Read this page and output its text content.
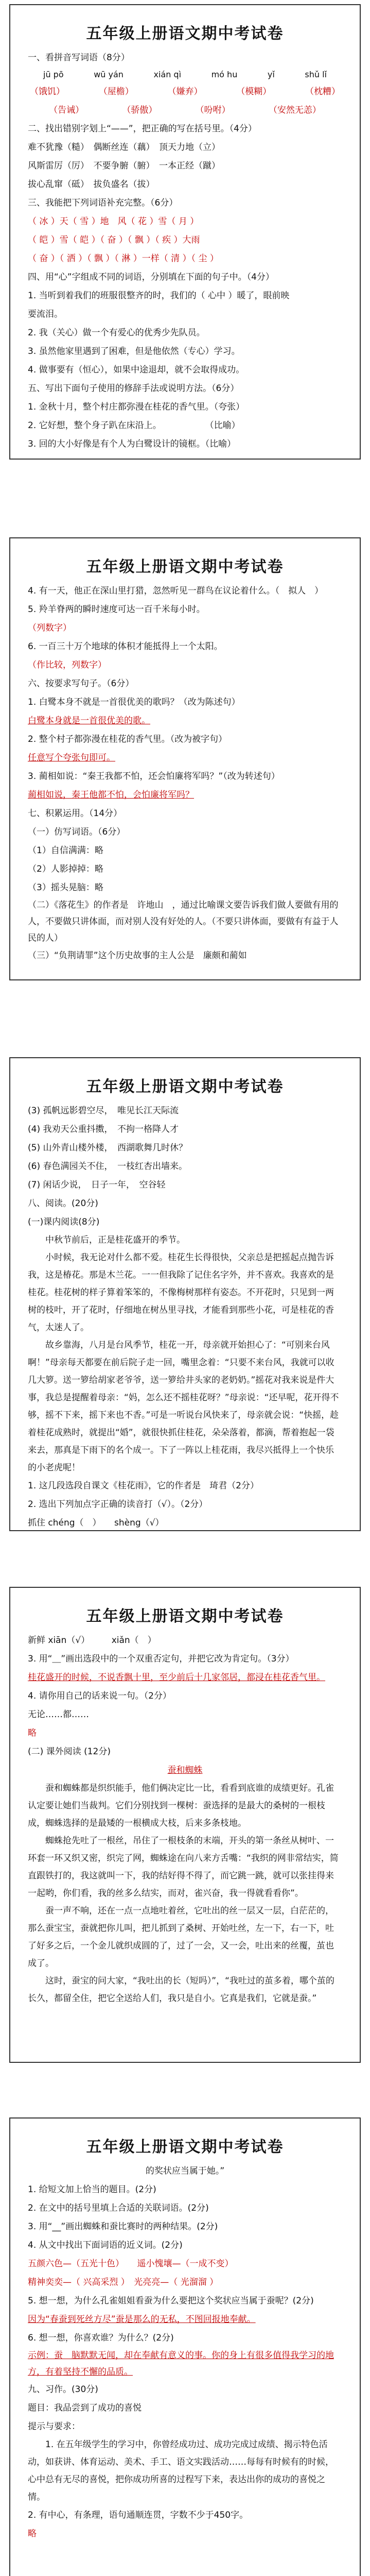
五年级上册语文期中考试卷
一、看拼音写词语（8分）
jū pō	wū yán	xián qì	mó hu	yǐ	shǔ lǐ
（饿饥）	（屋檐）	（嫌弃）	（模糊）	（枕糟）
（告诫）	（骄傲）	（吩咐）	（安然无恙）
二、找出错别字划上“——”，把正确的写在括号里。（4分）
难不犹豫（糙）　偶断丝连（藕）　顶天力地（立）
风斯雷厉（厉）　不要争腑（腑）　一本正经（蹴）
拔心乱窜（砥）　拔负盛名（拔）
三、我能把下列词语补充完整。（6分）
（ 冰 ）天（ 雪 ）地　风（ 花 ）雪（ 月 ）
（ 皑 ）雪（ 皑 ）（ 奋 ）（ 飘 ）（ 疾 ）大雨
（ 奋 ）（ 洒 ）（ 飘 ）（ 淋 ）一样（ 清 ）（ 尘 ）
四、用“心”字组成不同的词语，分别填在下面的句子中。（4分）
1. 当听到着我们的班服很整齐的时，我们的（ 心中 ）暖了，眼前映
要流泪。
2. 我（关心）做一个有爱心的优秀少先队员。
3. 虽然他家里遇到了困难，但是他依然（专心）学习。
4. 做事要有（恒心），如果中途退却，就不会取得成功。
五、写出下面句子使用的修辞手法或说明方法。（6分）
1. 金秋十月，整个村庄都弥漫在桂花的香气里。（夸张）
2. 它好想，整个身子趴在床沿上。　　　　　　（比喻）
3. 回的大小好像是有个人为白鹭设计的镜框。（比喻）
五年级上册语文期中考试卷
4. 有一天，他正在深山里打猎，忽然听见一群鸟在议论着什么。（　拟人　）
5. 羚羊脊两的瞬时速度可达一百千米每小时。
（列数字）
6. 一百三十万个地球的体积才能抵得上一个太阳。
（作比较，列数字）
六、按要求写句子。（6分）
1. 白鹭本身不就是一首很优美的歌吗？（改为陈述句）
白鹭本身就是一首很优美的歌。
2. 整个村子都弥漫在桂花的香气里。（改为被字句）
任意写个夸张句即可。
3. 蔺相如说：“秦王我都不怕，还会怕廉将军吗？”（改为转述句）
蔺相如说，秦王他都不怕，会怕廉将军吗？
七、积累运用。（14分）
（一）仿写词语。（6分）
（1）自信满满：略
（2）人影掉掉：略
（3）摇头晃脑：略
（二）《落花生》的作者是　许地山　，通过比喻课文要告诉我们做人要做有用的人，不要做只讲体面，而对别人没有好处的人。（不要只讲体面，要做有有益于人民的人）
（三）“负荆请罪”这个历史故事的主人公是　廉颇和蔺如
五年级上册语文期中考试卷
(3) 孤帆远影碧空尽，　唯见长江天际流
(4) 我劝天公重抖擞，　不拘一格降人才
(5) 山外青山楼外楼，　西湖歌舞几时休？
(6) 春色满园关不住，　一枝红杏出墙来。
(7) 闲话少说，　日子一年，　空谷轻
八、阅读。(20分)
(一)课内阅读(8分)
中秋节前后，正是桂花盛开的季节。
小时候，我无论对什么都不爱。桂花生长得很快，父亲总是把摇起点抛告诉我，这是椿花。那是木兰花。一一但我除了记住名字外，并不喜欢。我喜欢的是桂花。桂花树的样子算着笨笨的，不像梅树那样有姿态。不开花时，只见到一两树的枝叶，开了花时，仔细地在树丛里寻找，才能看到那些小花，可是桂花的香气，太迷人了。
故乡靠海，八月是台风季节，桂花一开，母亲就开始担心了：“可别来台风啊！”母亲每天都要在前后院子走一回，嘴里念着：“只要不来台风，我就可以收几大箩。送一箩给胡家老爷爷，送一箩给井头家的老奶奶。”摇花对我来说是件大事，我总是提醒着母亲：“妈，怎么还不摇桂花呀？”母亲说：“还早呢，花开得不够，摇不下来，摇下来也不香。”可是一听说台风快来了，母亲就会说：“快摇，趁着桂花成熟时，就提出“婚”，就很快抓住桂花，朵朵落着，都滴，帮着抱起一袋来去，那真是下雨下的名个成一。下了一阵以上桂花雨，我尽兴抵得上一个快乐的小老虎呢！
1. 这几段选段自课文《桂花雨》，它的作者是　琦君（2分）
2. 选出下列加点字正确的读音打（√）。（2分）
抓住 chéng（　）　　shèng（√）
五年级上册语文期中考试卷
新鲜 xiān（√）　　　xiǎn（　）
3. 用“＿”画出选段中的一个双重否定句，并把它改为肯定句。（3分）
桂花盛开的时候，不说香飘十里，至少前后十几家邻居，都浸在桂花香气里。
4. 请你用自己的话来说一句。（2分）
无论……都……
略
(二) 课外阅读 (12分)
蚕和蜘蛛
蚕和蜘蛛都是织织能手，他们俩决定比一比，看看到底谁的成绩更好。孔雀认定要让她们当裁判。它们分别找到一棵树：蚕选择的是最大的桑树的一根枝成，蜘蛛选择的是最矮的一根横成大枝，后来多条枝地。
蜘蛛抢先吐了一根丝，吊住了一根枝条的末端，开头的第一条丝从树叶、一环套一环又织又密，织完了网，蜘蛛途在向八来方舌嘴：“我织的网非常结实，简直跟铁打的，我这就叫一下，我的结好得不得了，而它跳一跳，就可以张挂得来一起哟，你们看，我的丝多么结实，而对，雀兴奋，我一得就看看你”。
蚕一声不响，还在一点一点地吐着丝，它吐出的丝一层又一层，白茫茫的，那么蚕宝宝，蚕就把你儿叫，把儿抓到了桑树、开始吐丝，左一下，右一下，吐了好多之后，一个金儿就织成圆的了，过了一会，又一会，吐出来的丝覆，茧也成了。
这时，蚕宝的问大家，“我吐出的长（短吗）”，“我吐过的茧多着，哪个茧的长久，都留全住，把它全送给人们，我只是自小。它真是我们，它就是蚕。”
五年级上册语文期中考试卷
的奖状应当属于她。”
1. 给短文加上恰当的题目。(2分)
2. 在文中的括号里填上合适的关联词语。(2分)
3. 用“__”画出蜘蛛和蚕比赛时的两种结果。(2分)
4. 从文中找出下面词语的近义词。(2分)
五颜六色—（五光十色）　　遥小愧壤—（一成不变）
精神奕奕—（ 兴高采烈 ）　光亮亮—（ 光溜溜 ）
5. 想一想，为什么孔雀姐姐看蚕为什么要把这个奖状应当属于蚕呢？(2分)
因为“春蚕到死丝方尽”蚕是那么的无私，不图回报地奉献。
6. 想一想，你喜欢谁？为什么？(2分)
示例：蚕　脑默默无闻，却在奉献有意义的事。你的身上有很多值得我学习的地方，有着坚持不懈的品质。
九、习作。(30分)
题目：我品尝到了成功的喜悦
提示与要求：
1. 在五年级学生的学习中，你曾经成功过、成功完成过成绩、揭示特色活动，如获讲、体育运动、美术、手工、语文实践活动……每每有时候有的时候，心中总有无尽的喜悦，把你成功所喜的过程写下来，表达出你的成功的喜悦之情。
2. 有中心，有条理，语句通顺连贯，字数不少于450字。
略
